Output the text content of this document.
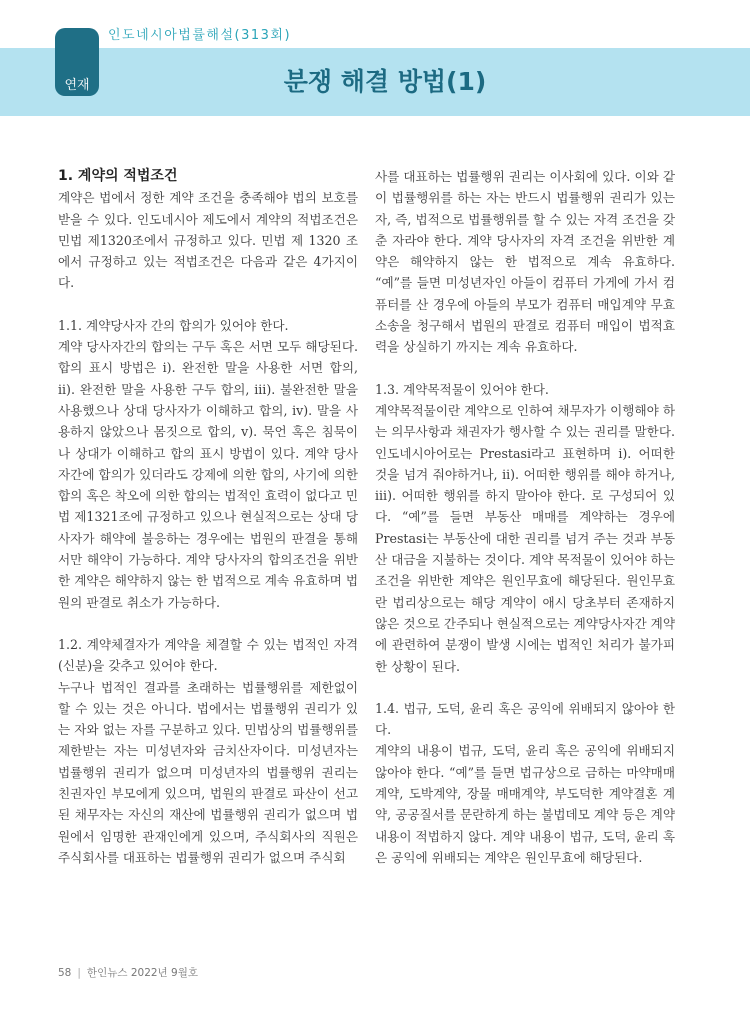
인도네시아법률해설(313회)
연재	분쟁 해결 방법(1)

1. 계약의 적법조건

계약은 법에서 정한 계약 조건을 충족해야 법의 보호를 받을 수 있다. 인도네시아 제도에서 계약의 적법조건은 민법 제1320조에서 규정하고 있다. 민법 제 1320 조에서 규정하고 있는 적법조건은 다음과 같은 4가지이다.

1.1. 계약당사자 간의 합의가 있어야 한다.

계약 당사자간의 합의는 구두 혹은 서면 모두 해당된다. 합의 표시 방법은 i). 완전한 말을 사용한 서면 합의, ii). 완전한 말을 사용한 구두 합의, iii). 불완전한 말을 사용했으나 상대 당사자가 이해하고 합의, iv). 말을 사용하지 않았으나 몸짓으로 합의, v). 묵언 혹은 침묵이나 상대가 이해하고 합의 표시 방법이 있다. 계약 당사자간에 합의가 있더라도 강제에 의한 합의, 사기에 의한 합의 혹은 착오에 의한 합의는 법적인 효력이 없다고 민법 제1321조에 규정하고 있으나 현실적으로는 상대 당사자가 해약에 불응하는 경우에는 법원의 판결을 통해서만 해약이 가능하다. 계약 당사자의 합의조건을 위반한 계약은 해약하지 않는 한 법적으로 계속 유효하며 법원의 판결로 취소가 가능하다.

1.2. 계약체결자가 계약을 체결할 수 있는 법적인 자격(신분)을 갖추고 있어야 한다.

누구나 법적인 결과를 초래하는 법률행위를 제한없이 할 수 있는 것은 아니다. 법에서는 법률행위 권리가 있는 자와 없는 자를 구분하고 있다. 민법상의 법률행위를 제한받는 자는 미성년자와 금치산자이다. 미성년자는 법률행위 권리가 없으며 미성년자의 법률행위 권리는 친권자인 부모에게 있으며, 법원의 판결로 파산이 선고된 채무자는 자신의 재산에 법률행위 권리가 없으며 법원에서 임명한 관재인에게 있으며, 주식회사의 직원은 주식회사를 대표하는 법률행위 권리가 없으며 주식회

사를 대표하는 법률행위 권리는 이사회에 있다. 이와 같이 법률행위를 하는 자는 반드시 법률행위 권리가 있는 자, 즉, 법적으로 법률행위를 할 수 있는 자격 조건을 갖춘 자라야 한다. 계약 당사자의 자격 조건을 위반한 계약은 해약하지 않는 한 법적으로 계속 유효하다. “예”를 들면 미성년자인 아들이 컴퓨터 가게에 가서 컴퓨터를 산 경우에 아들의 부모가 컴퓨터 매입계약 무효소송을 청구해서 법원의 판결로 컴퓨터 매입이 법적효력을 상실하기 까지는 계속 유효하다.

1.3. 계약목적물이 있어야 한다.

계약목적물이란 계약으로 인하여 채무자가 이행해야 하는 의무사항과 채권자가 행사할 수 있는 권리를 말한다. 인도네시아어로는 Prestasi라고 표현하며 i). 어떠한 것을 넘겨 줘야하거나, ii). 어떠한 행위를 해야 하거나, iii). 어떠한 행위를 하지 말아야 한다. 로 구성되어 있다. “예”를 들면 부동산 매매를 계약하는 경우에 Prestasi는 부동산에 대한 권리를 넘겨 주는 것과 부동산 대금을 지불하는 것이다. 계약 목적물이 있어야 하는 조건을 위반한 계약은 원인무효에 해당된다. 원인무효란 법리상으로는 해당 계약이 애시 당초부터 존재하지 않은 것으로 간주되나 현실적으로는 계약당사자간 계약에 관련하여 분쟁이 발생 시에는 법적인 처리가 불가피한 상황이 된다.

1.4. 법규, 도덕, 윤리 혹은 공익에 위배되지 않아야 한다.

계약의 내용이 법규, 도덕, 윤리 혹은 공익에 위배되지 않아야 한다. “예”를 들면 법규상으로 금하는 마약매매 계약, 도박계약, 장물 매매계약, 부도덕한 계약결혼 계약, 공공질서를 문란하게 하는 불법데모 계약 등은 계약 내용이 적법하지 않다. 계약 내용이 법규, 도덕, 윤리 혹은 공익에 위배되는 계약은 원인무효에 해당된다.

58 | 한인뉴스 2022년 9월호
